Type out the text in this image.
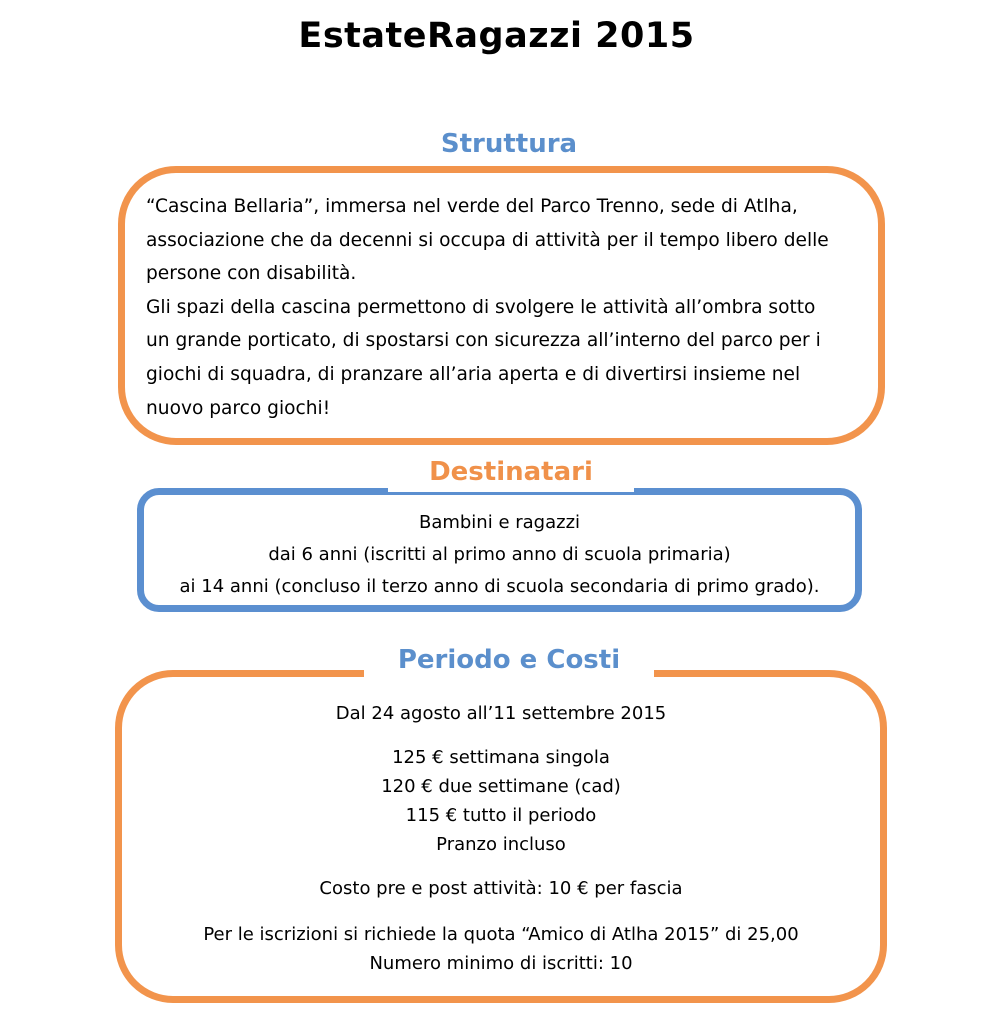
EstateRagazzi 2015
Struttura
“Cascina Bellaria”, immersa nel verde del Parco Trenno, sede di Atlha,
associazione che da decenni si occupa di attività per il tempo libero delle
persone con disabilità.
Gli spazi della cascina permettono di svolgere le attività all’ombra sotto
un grande porticato, di spostarsi con sicurezza all’interno del parco per i
giochi di squadra, di pranzare all’aria aperta e di divertirsi insieme nel
nuovo parco giochi!
Destinatari
Bambini e ragazzi
dai 6 anni (iscritti al primo anno di scuola primaria)
ai 14 anni (concluso il terzo anno di scuola secondaria di primo grado).
Periodo e Costi
Dal 24 agosto all’11 settembre 2015
125 € settimana singola
120 € due settimane (cad)
115 € tutto il periodo
Pranzo incluso
Costo pre e post attività: 10 € per fascia
Per le iscrizioni si richiede la quota “Amico di Atlha 2015” di 25,00
Numero minimo di iscritti: 10
